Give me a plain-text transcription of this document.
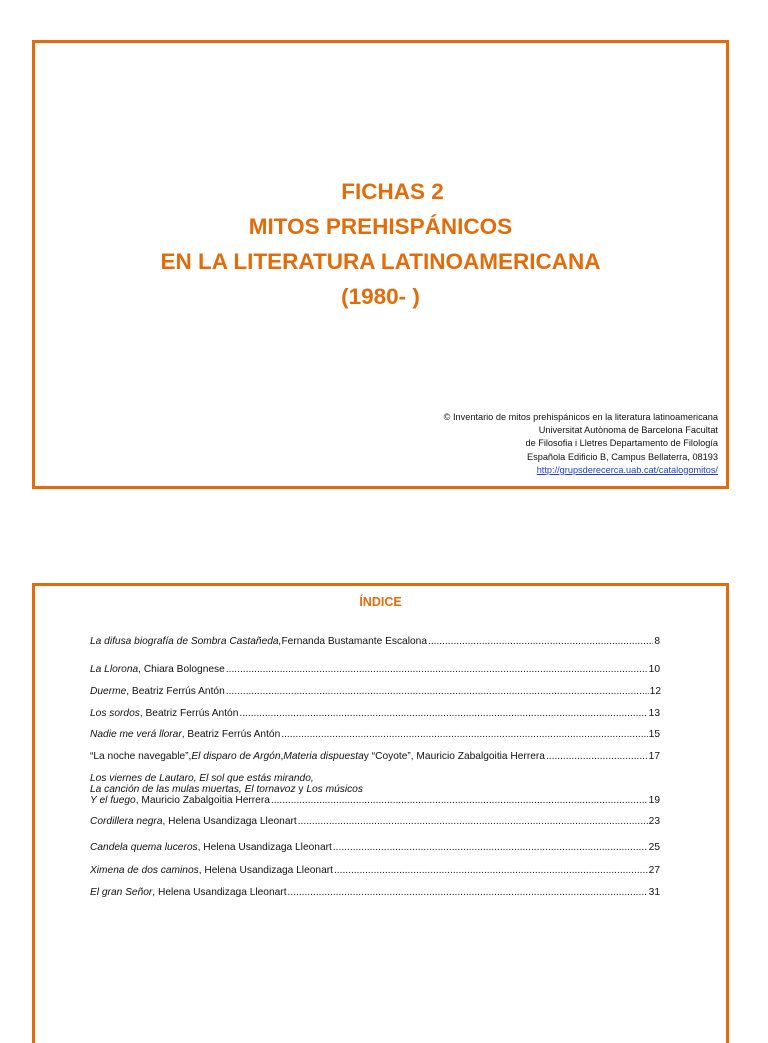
FICHAS 2
MITOS PREHISPÁNICOS
EN LA LITERATURA LATINOAMERICANA
(1980- )
© Inventario de mitos prehispánicos en la literatura latinoamericana
Universitat Autònoma de Barcelona Facultat
de Filosofia i Lletres Departamento de Filología
Española Edificio B, Campus Bellaterra, 08193
http://grupsderecerca.uab.cat/catalogomitos/
ÍNDICE
La difusa biografía de Sombra Castañeda, Fernanda Bustamante Escalona .....	8
La Llorona , Chiara Bolognese .....	10
Duerme , Beatriz Ferrús Antón .....	12
Los sordos , Beatriz Ferrús Antón .....	13
Nadie me verá llorar , Beatriz Ferrús Antón .....	15
“La noche navegable”, El disparo de Argón , Materia dispuesta y “Coyote”, Mauricio Zabalgoitia Herrera .....	17
Los viernes de Lautaro, El sol que estás mirando,
La canción de las mulas muertas, El tornavoz y Los músicos
Y el fuego , Mauricio Zabalgoitia Herrera .....	19
Cordillera negra , Helena Usandizaga Lleonart .....	23
Candela quema luceros , Helena Usandizaga Lleonart .....	25
Ximena de dos caminos , Helena Usandizaga Lleonart .....	27
El gran Señor , Helena Usandizaga Lleonart .....	31
